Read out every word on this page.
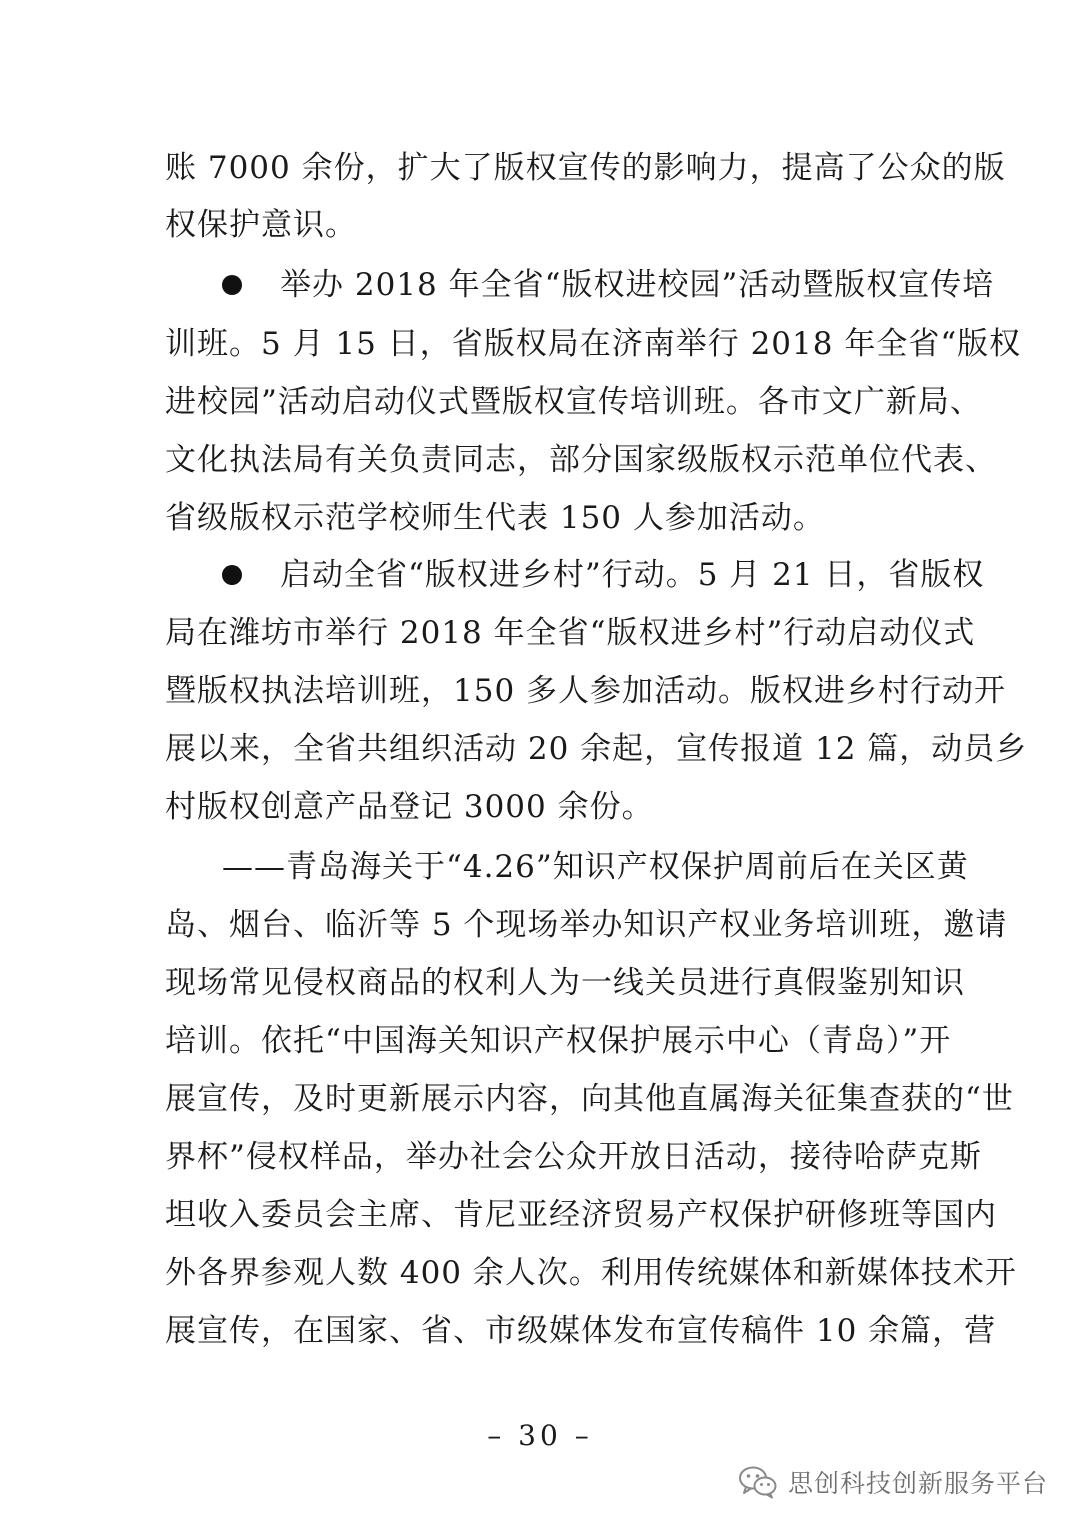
账 7000 余份，扩大了版权宣传的影响力，提高了公众的版
权保护意识。
举办 2018 年全省“版权进校园”活动暨版权宣传培
训班。5 月 15 日，省版权局在济南举行 2018 年全省“版权
进校园”活动启动仪式暨版权宣传培训班。各市文广新局、
文化执法局有关负责同志，部分国家级版权示范单位代表、
省级版权示范学校师生代表 150 人参加活动。
启动全省“版权进乡村”行动。5 月 21 日，省版权
局在潍坊市举行 2018 年全省“版权进乡村”行动启动仪式
暨版权执法培训班，150 多人参加活动。版权进乡村行动开
展以来，全省共组织活动 20 余起，宣传报道 12 篇，动员乡
村版权创意产品登记 3000 余份。
——青岛海关于“4.26”知识产权保护周前后在关区黄
岛、烟台、临沂等 5 个现场举办知识产权业务培训班，邀请
现场常见侵权商品的权利人为一线关员进行真假鉴别知识
培训。依托“中国海关知识产权保护展示中心（青岛）”开
展宣传，及时更新展示内容，向其他直属海关征集查获的“世
界杯”侵权样品，举办社会公众开放日活动，接待哈萨克斯
坦收入委员会主席、肯尼亚经济贸易产权保护研修班等国内
外各界参观人数 400 余人次。利用传统媒体和新媒体技术开
展宣传，在国家、省、市级媒体发布宣传稿件 10 余篇，营
– 30 –
思创科技创新服务平台
